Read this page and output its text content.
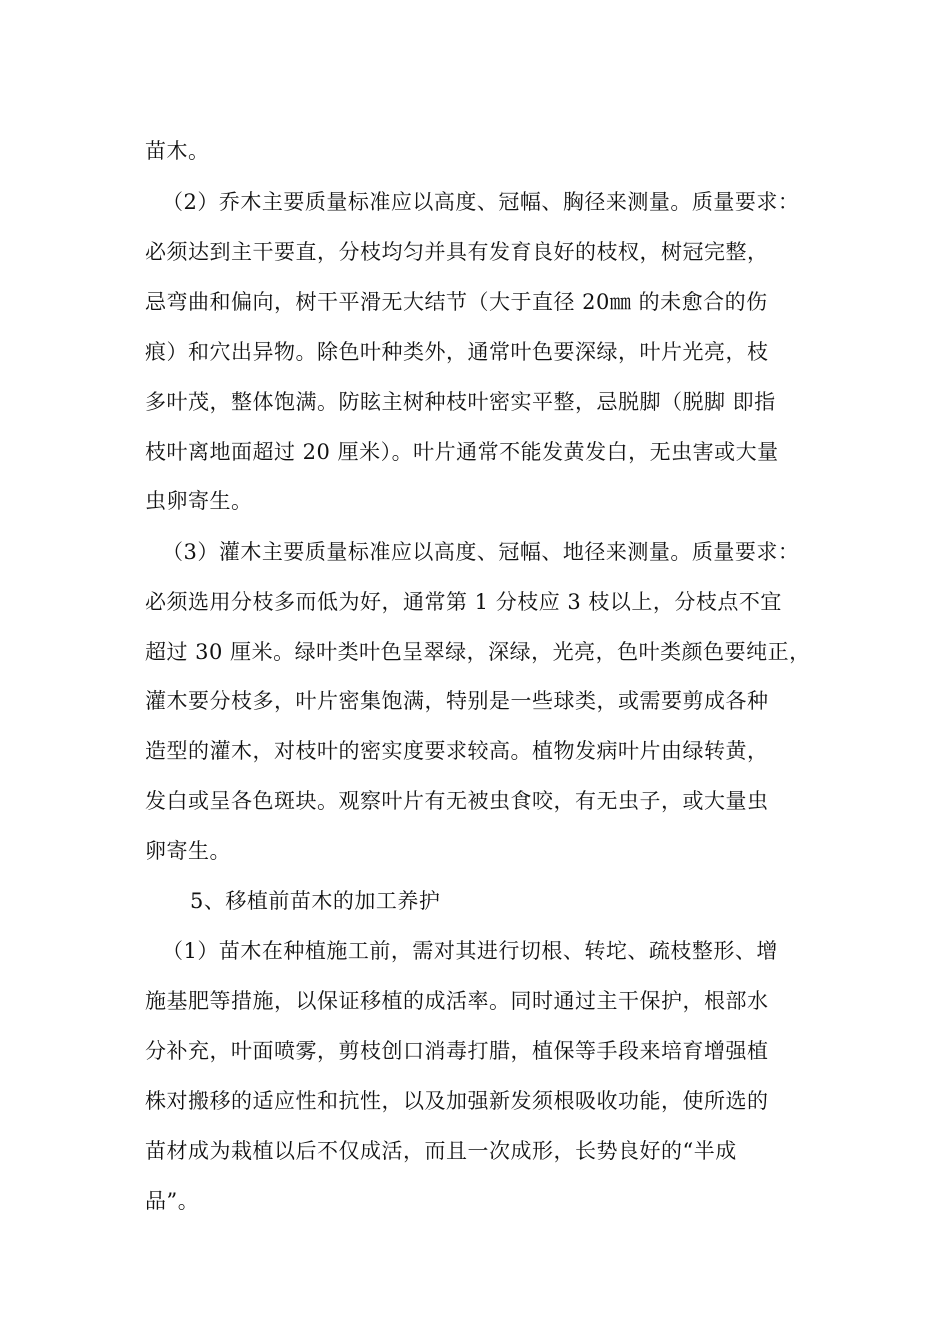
苗木。
（2）乔木主要质量标准应以高度、冠幅、胸径来测量。质量要求：
必须达到主干要直，分枝均匀并具有发育良好的枝杈，树冠完整，
忌弯曲和偏向，树干平滑无大结节（大于直径 20㎜ 的未愈合的伤
痕）和穴出异物。除色叶种类外，通常叶色要深绿，叶片光亮，枝
多叶茂，整体饱满。防眩主树种枝叶密实平整，忌脱脚（脱脚 即指
枝叶离地面超过 20 厘米）。叶片通常不能发黄发白，无虫害或大量
虫卵寄生。
（3）灌木主要质量标准应以高度、冠幅、地径来测量。质量要求：
必须选用分枝多而低为好，通常第 1 分枝应 3 枝以上，分枝点不宜
超过 30 厘米。绿叶类叶色呈翠绿，深绿，光亮，色叶类颜色要纯正，
灌木要分枝多，叶片密集饱满，特别是一些球类，或需要剪成各种
造型的灌木，对枝叶的密实度要求较高。植物发病叶片由绿转黄，
发白或呈各色斑块。观察叶片有无被虫食咬，有无虫子，或大量虫
卵寄生。
5、移植前苗木的加工养护
（1）苗木在种植施工前，需对其进行切根、转坨、疏枝整形、增
施基肥等措施，以保证移植的成活率。同时通过主干保护，根部水
分补充，叶面喷雾，剪枝创口消毒打腊，植保等手段来培育增强植
株对搬移的适应性和抗性，以及加强新发须根吸收功能，使所选的
苗材成为栽植以后不仅成活，而且一次成形，长势良好的“半成
品”。
